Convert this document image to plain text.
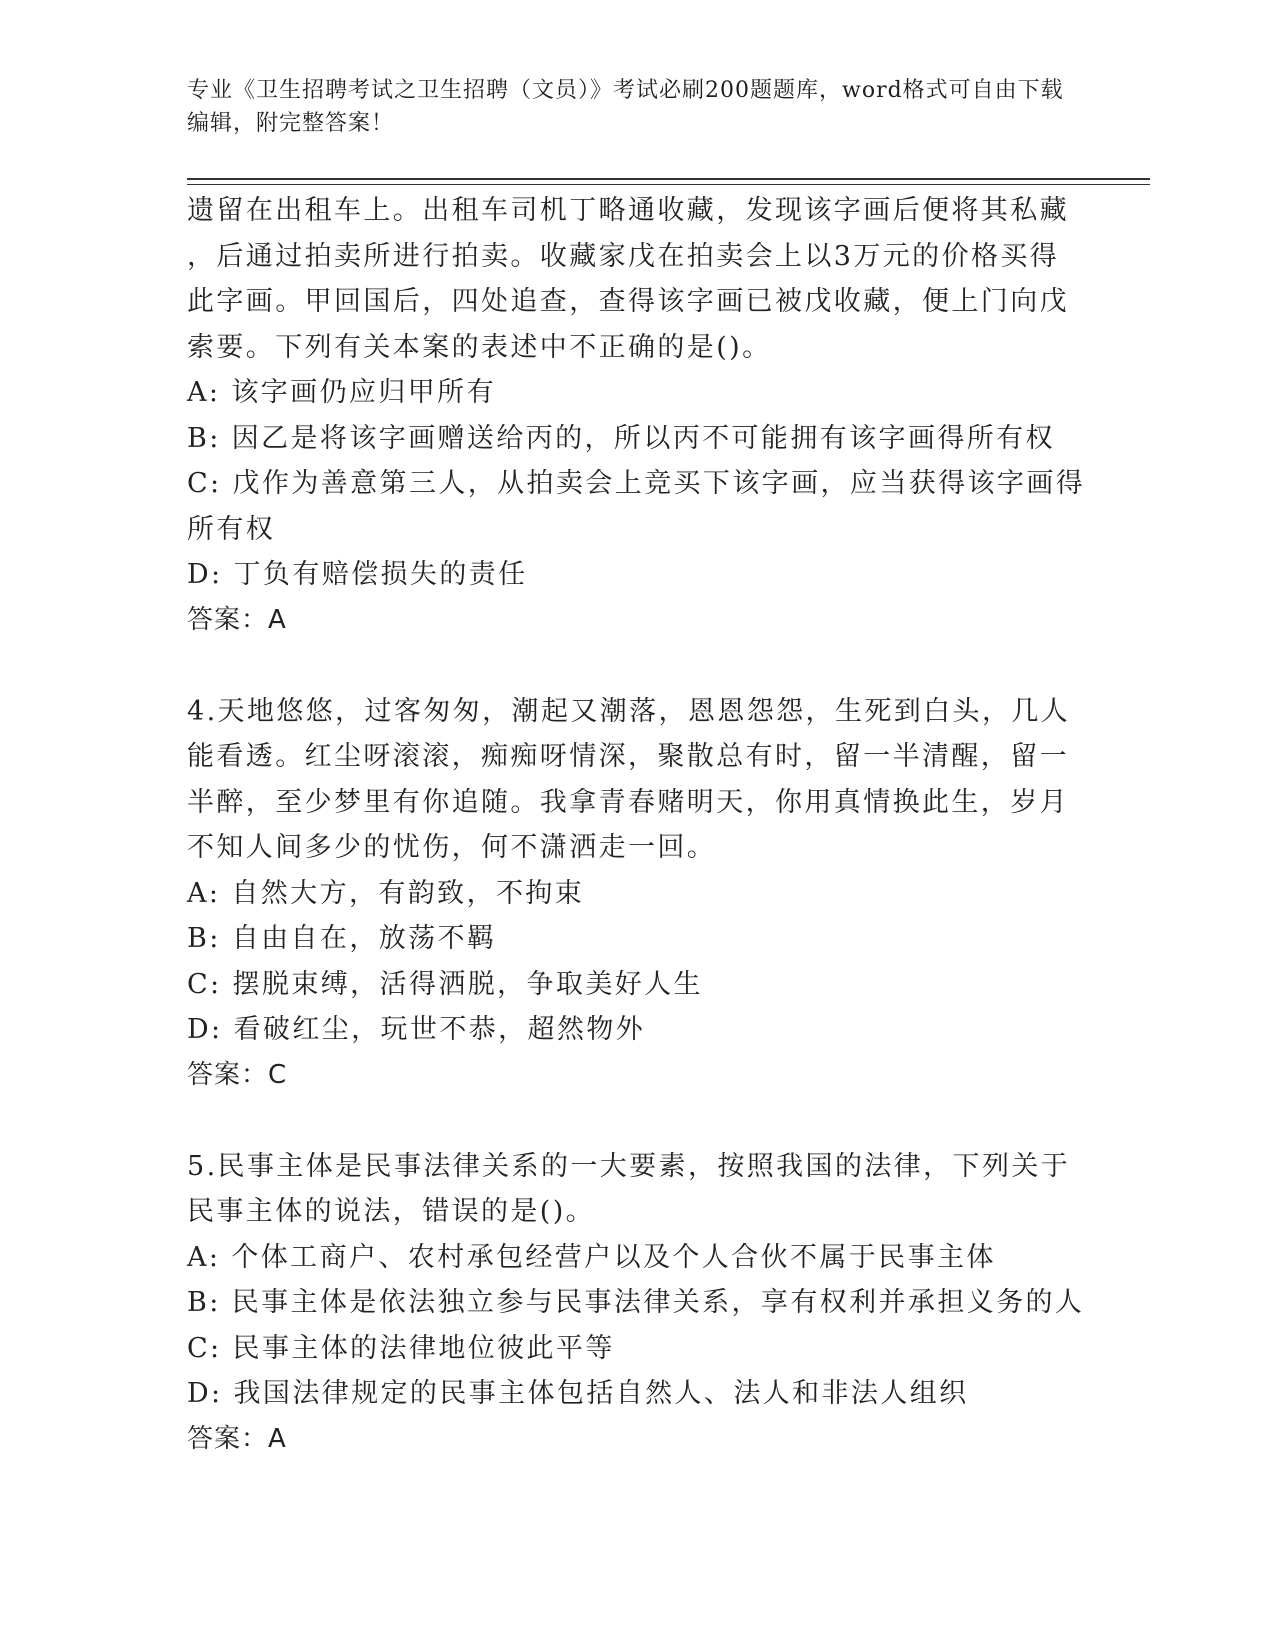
专业《卫生招聘考试之卫生招聘（文员）》考试必刷200题题库，word格式可自由下载编辑，附完整答案！
遗留在出租车上。出租车司机丁略通收藏，发现该字画后便将其私藏
，后通过拍卖所进行拍卖。收藏家戊在拍卖会上以3万元的价格买得
此字画。甲回国后，四处追查，查得该字画已被戊收藏，便上门向戊
索要。下列有关本案的表述中不正确的是()。
A: 该字画仍应归甲所有
B: 因乙是将该字画赠送给丙的，所以丙不可能拥有该字画得所有权
C: 戊作为善意第三人，从拍卖会上竞买下该字画，应当获得该字画得
所有权
D: 丁负有赔偿损失的责任
答案：A
4.天地悠悠，过客匆匆，潮起又潮落，恩恩怨怨，生死到白头，几人
能看透。红尘呀滚滚，痴痴呀情深，聚散总有时，留一半清醒，留一
半醉，至少梦里有你追随。我拿青春赌明天，你用真情换此生，岁月
不知人间多少的忧伤，何不潇洒走一回。
A: 自然大方，有韵致，不拘束
B: 自由自在，放荡不羁
C: 摆脱束缚，活得洒脱，争取美好人生
D: 看破红尘，玩世不恭，超然物外
答案：C
5.民事主体是民事法律关系的一大要素，按照我国的法律，下列关于
民事主体的说法，错误的是()。
A: 个体工商户、农村承包经营户以及个人合伙不属于民事主体
B: 民事主体是依法独立参与民事法律关系，享有权利并承担义务的人
C: 民事主体的法律地位彼此平等
D: 我国法律规定的民事主体包括自然人、法人和非法人组织
答案：A
